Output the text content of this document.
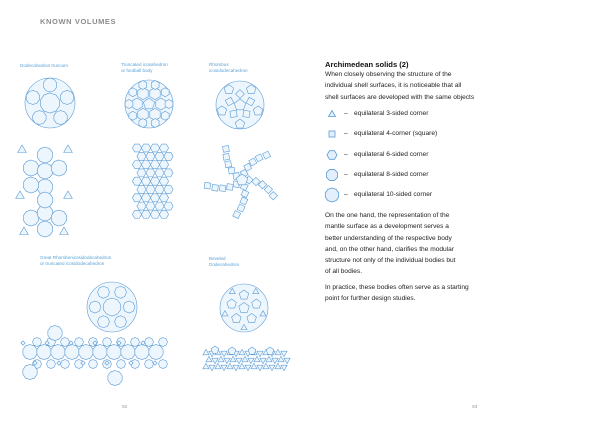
KNOWN VOLUMES
Dodecahedron truncum	Truncated icosahedron
or football body
Rhombus
icosidodecahedron
Great Rhombenicosidodecahedron
or truncated icosidodecahedron
Beveled
Dodecahedron
92	93
Archimedean solids (2)
When closely observing the structure of the
individual shell surfaces, it is noticeable that all
shell surfaces are developed with the same objects
– equilateral 3-sided corner
– equilateral 4-corner (square)
– equilateral 6-sided corner
– equilateral 8-sided corner
– equilateral 10-sided corner
On the one hand, the representation of the
mantle surface as a development serves a
better understanding of the respective body
and, on the other hand, clarifies the modular
structure not only of the individual bodies but
of all bodies.
In practice, these bodies often serve as a starting
point for further design studies.
